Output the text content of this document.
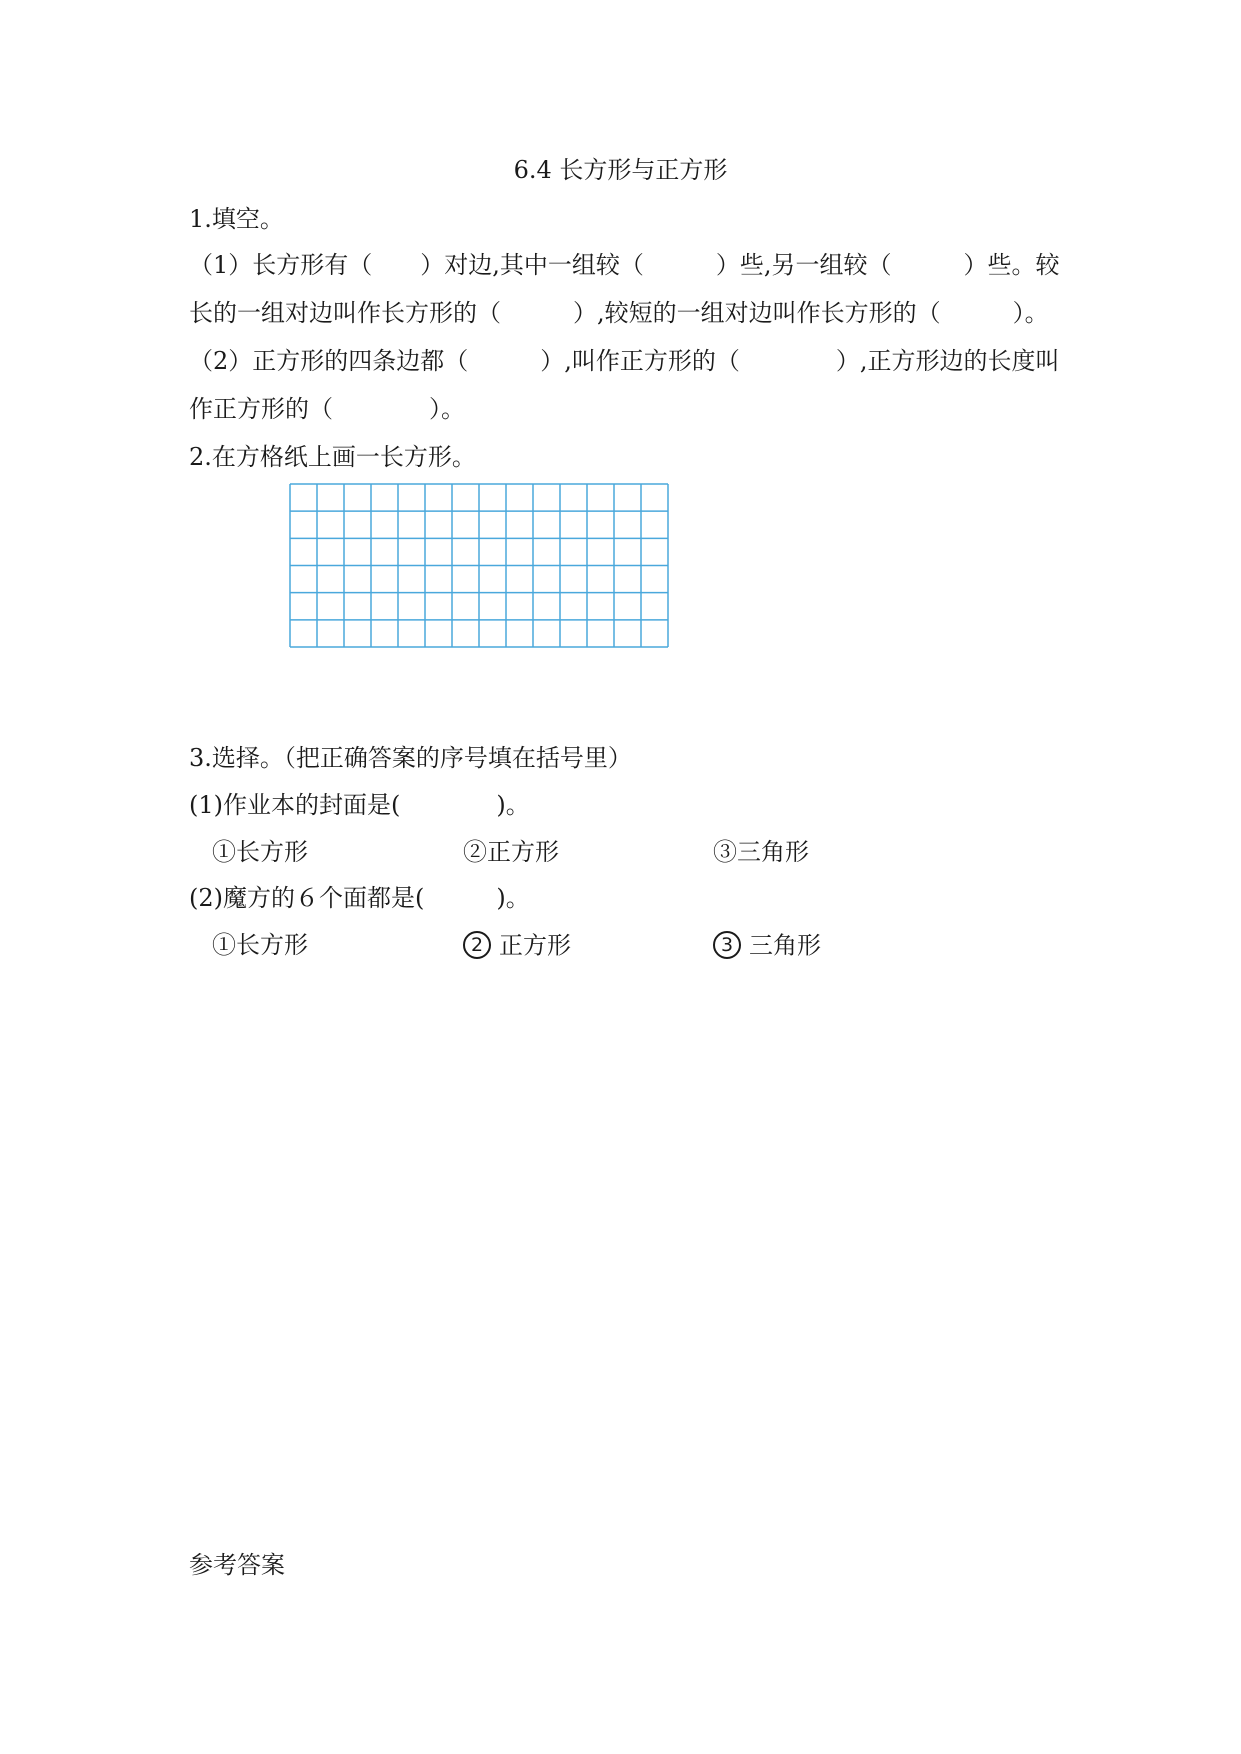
6.4 长方形与正方形
1.填空。
（1）长方形有（　　）对边,其中一组较（　　　）些,另一组较（　　　）些。较
长的一组对边叫作长方形的（　　　）,较短的一组对边叫作长方形的（　　　）。
（2）正方形的四条边都（　　　）,叫作正方形的（　　　　）,正方形边的长度叫
作正方形的（　　　　）。
2.在方格纸上画一长方形。
3.选择。（把正确答案的序号填在括号里）
(1)作业本的封面是(　　　　)。
①长方形	②正方形	③三角形
(2)魔方的６个面都是(　　　)。
①长方形	2 正方形	3 三角形
参考答案
